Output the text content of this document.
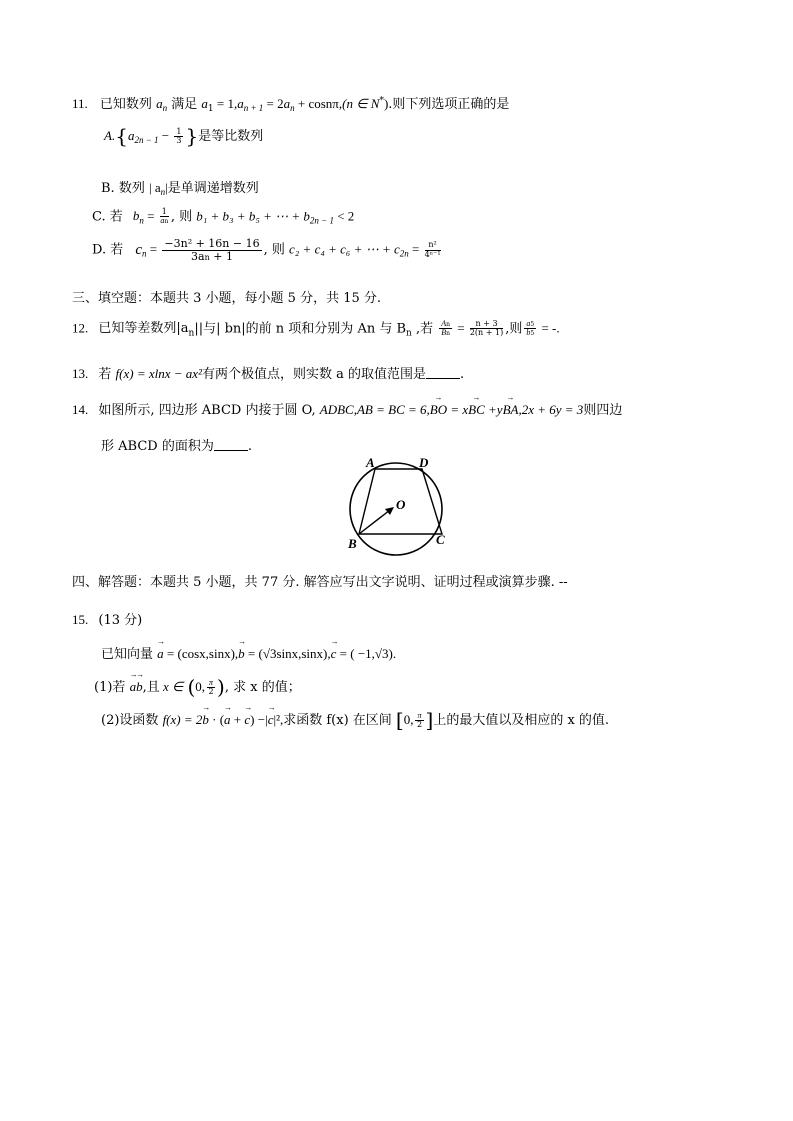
11. 已知数列 $a_n$ 满足 $a_1 = 1,a_{n + 1} = 2a_n + \cos n\pi,(n$ ∈ N*).则下列选项正确的是
$A.\{a_{2n - 1} - \frac{1}{3}$ }是等比数列
B. 数列 | $a_n|$是单调递增数列
C. 若 $b_n = \frac{1}{an}$ , 则 b₁ + b₃ + b₅ + ⋯ + $b_{2n - 1} < 2$
D. 若 $c_n = \frac{\text{−3n² + 16n − 16}}{3an + 1}$ , 则 c₂ + c₄ + c₆ + ⋯ + $c_{2n} = \frac{\text{n²}}{\text{4ⁿ⁻¹}}$
三、填空题：本题共 3 小题，每小题 5 分，共 15 分.
12. 已知等差数列$|a_n||$与| bn|的前 n 项和分别为 An 与 $B_n$ ,若 $\frac{An}{Bn} = \frac{n + 3}{2(n + 1)}$ ,则 $\frac{a5}{b5}$ = -.
13. 若 f(x) = xlnx − ax²有两个极值点，则实数 a 的取值范围是	.
14. 如图所示, 四边形 ABCD 内接于圆 O, ADBC,AB = BC = 6,→ BO = x→ BC +y→ BA,2x + 6y = 3则四边
形 ABCD 的面积为	.
A	D
O
B	C
四、解答题：本题共 5 小题，共 77 分. 解答应写出文字说明、证明过程或演算步骤. --
15. (13 分)
已知向量 → a = (cosx,sinx),→ b = (√3sinx,sinx),→ c = ( −1,√3).
(1)若 → a→ b,且 x ∈ (0, $\frac{\pi}{2}$ ), 求 x 的值；
(2)设函数 f(x) = 2→ b · (→ a + → c) −|→ c|²,求函数 f(x) 在区间 [0, $\frac{\pi}{2}$ ]上的最大值以及相应的 x 的值.
